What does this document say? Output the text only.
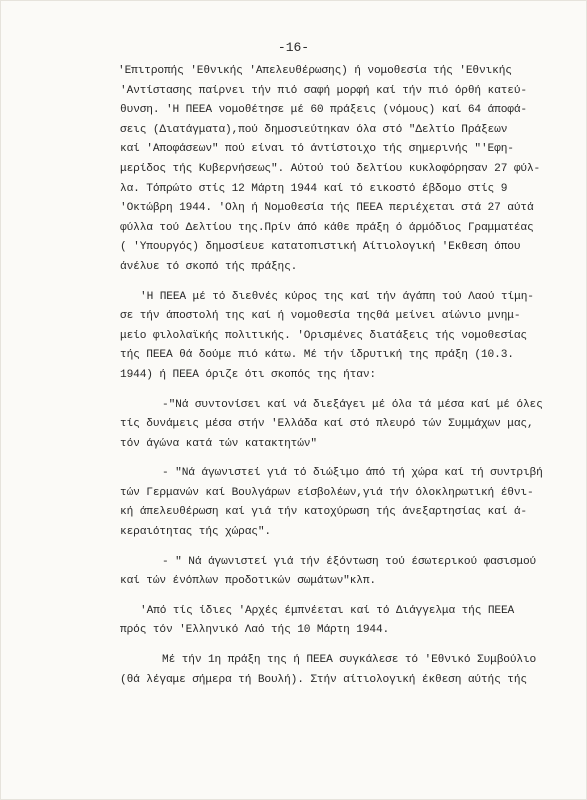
-16-
'Επιτροπής 'Εθνικής 'Απελευθέρωσης) ή νομοθεσία τής 'Εθνικής
'Αντίστασης παίρνει τήν πιό σαφή μορφή καί τήν πιό όρθή κατεύ-
θυνση. 'Η ΠΕΕΑ νομοθέτησε μέ 60 πράξεις (νόμους) καί 64 άποφά-
σεις (Διατάγματα),πού δημοσιεύτηκαν όλα στό "Δελτίο Πράξεων
καί 'Αποφάσεων" πού είναι τό άντίστοιχο τής σημερινής "'Εφη-
μερίδος τής Κυβερνήσεως". Αύτού τού δελτίου κυκλοφόρησαν 27 φύλ-
λα. Τόπρώτο στίς 12 Μάρτη 1944 καί τό εικοστό έβδομο στίς 9
'Οκτώβρη 1944. 'Ολη ή Νομοθεσία τής ΠΕΕΑ περιέχεται στά 27 αύτά
φύλλα τού Δελτίου της.Πρίν άπό κάθε πράξη ό άρμόδιος Γραμματέας
( 'Υπουργός) δημοσίευε κατατοπιστική Αίτιολογική 'Εκθεση όπου
άνέλυε τό σκοπό τής πράξης.
'Η ΠΕΕΑ μέ τό διεθνές κύρος της καί τήν άγάπη τού Λαού τίμη-
σε τήν άποστολή της καί ή νομοθεσία τηςθά μείνει αίώνιο μνημ-
μείο φιλολαϊκής πολιτικής. 'Ορισμένες διατάξεις τής νομοθεσίας
τής ΠΕΕΑ θά δούμε πιό κάτω. Μέ τήν ίδρυτική της πράξη (10.3.
1944) ή ΠΕΕΑ όριζε ότι σκοπός της ήταν:
-"Νά συντονίσει καί νά διεξάγει μέ όλα τά μέσα καί μέ όλες
τίς δυνάμεις μέσα στήν 'Ελλάδα καί στό πλευρό τών Συμμάχων μας,
τόν άγώνα κατά τών κατακτητών"
- "Νά άγωνιστεί γιά τό διώξιμο άπό τή χώρα καί τή συντριβή
τών Γερμανών καί Βουλγάρων είσβολέων,γιά τήν όλοκληρωτική έθνι-
κή άπελευθέρωση καί γιά τήν κατοχύρωση τής άνεξαρτησίας καί ά-
κεραιότητας τής χώρας".
- " Νά άγωνιστεί γιά τήν έξόντωση τού έσωτερικού φασισμού
καί τών ένόπλων προδοτικών σωμάτων"κλπ.
'Από τίς ίδιες 'Αρχές έμπνέεται καί τό Διάγγελμα τής ΠΕΕΑ
πρός τόν 'Ελληνικό Λαό τής 10 Μάρτη 1944.
Μέ τήν 1η πράξη της ή ΠΕΕΑ συγκάλεσε τό 'Εθνικό Συμβούλιο
(θά λέγαμε σήμερα τή Βουλή). Στήν αίτιολογική έκθεση αύτής τής
